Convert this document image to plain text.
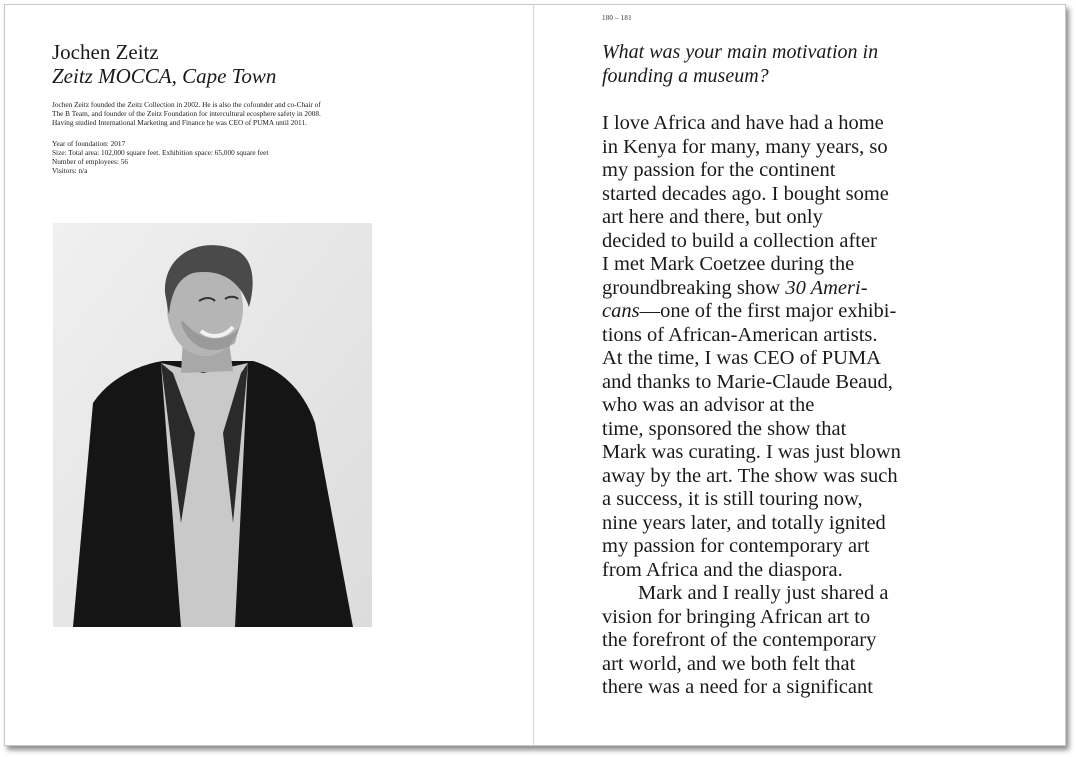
180 – 181
Jochen Zeitz
Zeitz MOCCA, Cape Town
Jochen Zeitz founded the Zeitz Collection in 2002. He is also the cofounder and co-Chair of
The B Team, and founder of the Zeitz Foundation for intercultural ecosphere safety in 2008.
Having studied International Marketing and Finance he was CEO of PUMA until 2011.
Year of foundation: 2017
Size: Total area: 102,000 square feet. Exhibition space: 65,000 square feet
Number of employees: 56
Visitors: n/a
What was your main motivation in
founding a museum?
I love Africa and have had a home
in Kenya for many, many years, so
my passion for the continent
started decades ago. I bought some
art here and there, but only
decided to build a collection after
I met Mark Coetzee during the
groundbreaking show 30 Ameri-
cans—one of the first major exhibi-
tions of African-American artists.
At the time, I was CEO of PUMA
and thanks to Marie-Claude Beaud,
who was an advisor at the
time, sponsored the show that
Mark was curating. I was just blown
away by the art. The show was such
a success, it is still touring now,
nine years later, and totally ignited
my passion for contemporary art
from Africa and the diaspora.
Mark and I really just shared a
vision for bringing African art to
the forefront of the contemporary
art world, and we both felt that
there was a need for a significant
